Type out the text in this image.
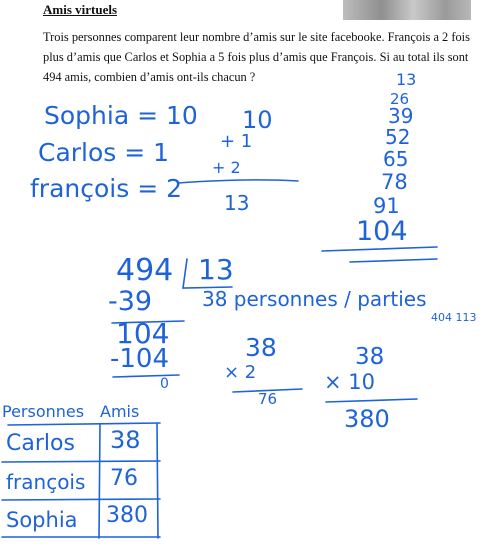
Amis virtuels
Trois personnes comparent leur nombre d’amis sur le site facebooke. François a 2 fois plus d’amis que Carlos et Sophia a 5 fois plus d’amis que François. Si au total ils sont 494 amis, combien d’amis ont-ils chacun ?
Sophia = 10
Carlos = 1
françois = 2
10
+ 1
+ 2
13
13
26
39
52
65
78
91
104
494 13
-39
104
-104
0
38 personnes / parties
404 113
38
× 2
76
38
× 10
380
Personnes Amis
Carlos 38
françois 76
Sophia 380
